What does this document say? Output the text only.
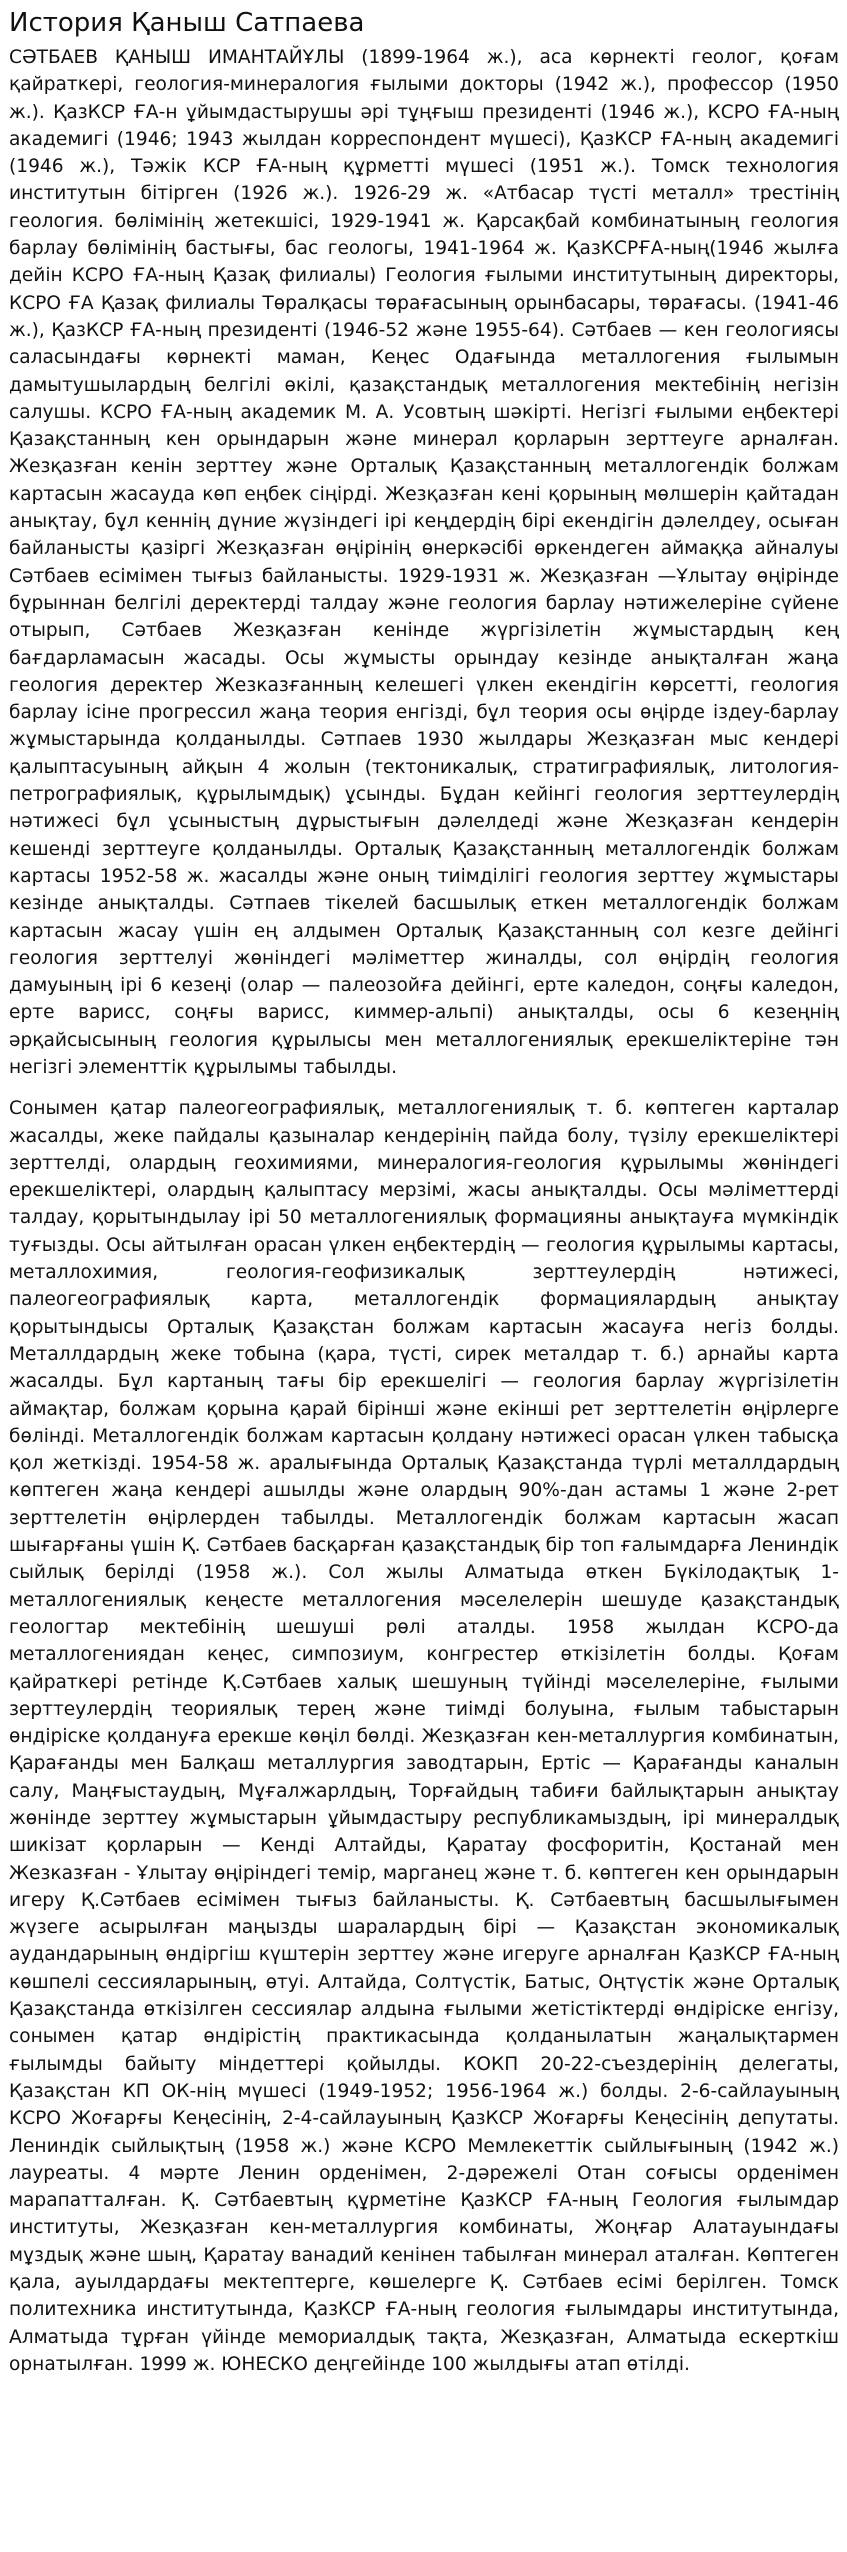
История Қаныш Сатпаева

СӘТБАЕВ ҚАНЫШ ИМАНТАЙҰЛЫ (1899-1964 ж.), аса көрнекті геолог, қоғам қайраткері, геология-минералогия ғылыми докторы (1942 ж.), профессор (1950 ж.). ҚазКСР ҒА-н ұйымдастырушы әрі тұңғыш президенті (1946 ж.), КСРО ҒА-ның академигі (1946; 1943 жылдан корреспондент мүшесі), ҚазКСР ҒА-ның академигі (1946 ж.), Тәжік КСР ҒА-ның құрметті мүшесі (1951 ж.). Томск технология институтын бітірген (1926 ж.). 1926-29 ж. «Атбасар түсті металл» трестінің геология. бөлімінің жетекшісі, 1929-1941 ж. Қарсақбай комбинатының геология барлау бөлімінің бастығы, бас геологы, 1941-1964 ж. ҚазКСРҒА-ның(1946 жылға дейін КСРО ҒА-ның Қазақ филиалы) Геология ғылыми институтының директоры, КСРО ҒА Қазақ филиалы Төралқасы төрағасының орынбасары, төрағасы. (1941-46 ж.), ҚазКСР ҒА-ның президенті (1946-52 және 1955-64). Сәтбаев — кен геологиясы саласындағы көрнекті маман, Кеңес Одағында металлогения ғылымын дамытушылардың белгілі өкілі, қазақстандық металлогения мектебінің негізін салушы. КСРО ҒА-ның академик М. А. Усовтың шәкірті. Негізгі ғылыми еңбектері Қазақстанның кен орындарын және минерал қорларын зерттеуге арналған. Жезқазған кенін зерттеу және Орталық Қазақстанның металлогендік болжам картасын жасауда көп еңбек сіңірді. Жезқазған кені қорының мөлшерін қайтадан анықтау, бұл кеннің дүние жүзіндегі ірі кеңдердің бірі екендігін дәлелдеу, осыған байланысты қазіргі Жезқазған өңірінің өнеркәсібі өркендеген аймаққа айналуы Сәтбаев есімімен тығыз байланысты. 1929-1931 ж. Жезқазған —Ұлытау өңірінде бұрыннан белгілі деректерді талдау және геология барлау нәтижелеріне сүйене отырып, Сәтбаев Жезқазған кенінде жүргізілетін жұмыстардың кең бағдарламасын жасады. Осы жұмысты орындау кезінде анықталған жаңа геология деректер Жезказғанның келешегі үлкен екендігін көрсетті, геология барлау ісіне прогрессил жаңа теория енгізді, бұл теория осы өңірде іздеу-барлау жұмыстарында қолданылды. Сәтпаев 1930 жылдары Жезқазған мыс кендері қалыптасуының айқын 4 жолын (тектоникалық, стратиграфиялық, литология-петрографиялық, құрылымдық) ұсынды. Бұдан кейінгі геология зерттеулердің нәтижесі бұл ұсыныстың дұрыстығын дәлелдеді және Жезқазған кендерін кешенді зерттеуге қолданылды. Орталық Қазақстанның металлогендік болжам картасы 1952-58 ж. жасалды және оның тиімділігі геология зерттеу жұмыстары кезінде анықталды. Сәтпаев тікелей басшылық еткен металлогендік болжам картасын жасау үшін ең алдымен Орталық Қазақстанның сол кезге дейінгі геология зерттелуі жөніндегі мәліметтер жиналды, сол өңірдің геология дамуының ірі 6 кезеңі (олар — палеозойға дейінгі, ерте каледон, соңғы каледон, ерте варисс, соңғы варисс, киммер-альпі) анықталды, осы 6 кезеңнің әрқайсысының геология құрылысы мен металлогениялық ерекшеліктеріне тән негізгі элементтік құрылымы табылды.

Сонымен қатар палеогеографиялық, металлогениялық т. б. көптеген карталар жасалды, жеке пайдалы қазыналар кендерінің пайда болу, түзілу ерекшеліктері зерттелді, олардың геохимиями, минералогия-геология құрылымы жөніндегі ерекшеліктері, олардың қалыптасу мерзімі, жасы анықталды. Осы мәліметтерді талдау, қорытындылау ірі 50 металлогениялық формацияны анықтауға мүмкіндік туғызды. Осы айтылған орасан үлкен еңбектердің — геология құрылымы картасы, металлохимия, геология-геофизикалық зерттеулердің нәтижесі, палеогеографиялық карта, металлогендік формациялардың анықтау қорытындысы Орталық Қазақстан болжам картасын жасауға негіз болды. Металлдардың жеке тобына (қара, түсті, сирек металдар т. б.) арнайы карта жасалды. Бұл картаның тағы бір ерекшелігі — геология барлау жүргізілетін аймақтар, болжам қорына қарай бірінші және екінші рет зерттелетін өңірлерге бөлінді. Металлогендік болжам картасын қолдану нәтижесі орасан үлкен табысқа қол жеткізді. 1954-58 ж. аралығында Орталық Қазақстанда түрлі металлдардың көптеген жаңа кендері ашылды және олардың 90%-дан астамы 1 және 2-рет зерттелетін өңірлерден табылды. Металлогендік болжам картасын жасап шығарғаны үшін Қ. Сәтбаев басқарған қазақстандық бір топ ғалымдарға Лениндік сыйлық берілді (1958 ж.). Сол жылы Алматыда өткен Бүкілодақтық 1-металлогениялық кеңесте металлогения мәселелерін шешуде қазақстандық геологтар мектебінің шешуші рөлі аталды. 1958 жылдан КСРО-да металлогениядан кеңес, симпозиум, конгрестер өткізілетін болды. Қоғам қайраткері ретінде Қ.Сәтбаев халық шешуның түйінді мәселелеріне, ғылыми зерттеулердің теориялық терең және тиімді болуына, ғылым табыстарын өндіріске қолдануға ерекше көңіл бөлді. Жезқазған кен-металлургия комбинатын, Қарағанды мен Балқаш металлургия заводтарын, Ертіс — Қарағанды каналын салу, Маңғыстаудың, Мұғалжарлдың, Торғайдың табиғи байлықтарын анықтау жөнінде зерттеу жұмыстарын ұйымдастыру республикамыздың, ірі минералдық шикізат қорларын — Кенді Алтайды, Қаратау фосфоритін, Қостанай мен Жезказған - Ұлытау өңіріндегі темір, марганец және т. б. көптеген кен орындарын игеру Қ.Сәтбаев есімімен тығыз байланысты. Қ. Сәтбаевтың басшылығымен жүзеге асырылған маңызды шаралардың бірі — Қазақстан экономикалық аудандарының өндіргіш күштерін зерттеу және игеруге арналған ҚазКСР ҒА-ның көшпелі сессияларының, өтуі. Алтайда, Солтүстік, Батыс, Оңтүстік және Орталық Қазақстанда өткізілген сессиялар алдына ғылыми жетістіктерді өндіріске енгізу, сонымен қатар өндірістің практикасында қолданылатын жаңалықтармен ғылымды байыту міндеттері қойылды. КОКП 20-22-съездерінің делегаты, Қазақстан КП ОК-нің мүшесі (1949-1952; 1956-1964 ж.) болды. 2-6-сайлауының КСРО Жоғарғы Кеңесінің, 2-4-сайлауының ҚазКСР Жоғарғы Кеңесінің депутаты. Лениндік сыйлықтың (1958 ж.) және КСРО Мемлекеттік сыйлығының (1942 ж.) лауреаты. 4 мәрте Ленин орденімен, 2-дәрежелі Отан соғысы орденімен марапатталған. Қ. Сәтбаевтың құрметіне ҚазКСР ҒА-ның Геология ғылымдар институты, Жезқазған кен-металлургия комбинаты, Жоңғар Алатауындағы мұздық және шың, Қаратау ванадий кенінен табылған минерал аталған. Көптеген қала, ауылдардағы мектептерге, көшелерге Қ. Сәтбаев есімі берілген. Томск политехника институтында, ҚазКСР ҒА-ның геология ғылымдары институтында, Алматыда тұрған үйінде мемориалдық тақта, Жезқазған, Алматыда ескерткіш орнатылған. 1999 ж. ЮНЕСКО деңгейінде 100 жылдығы атап өтілді.
